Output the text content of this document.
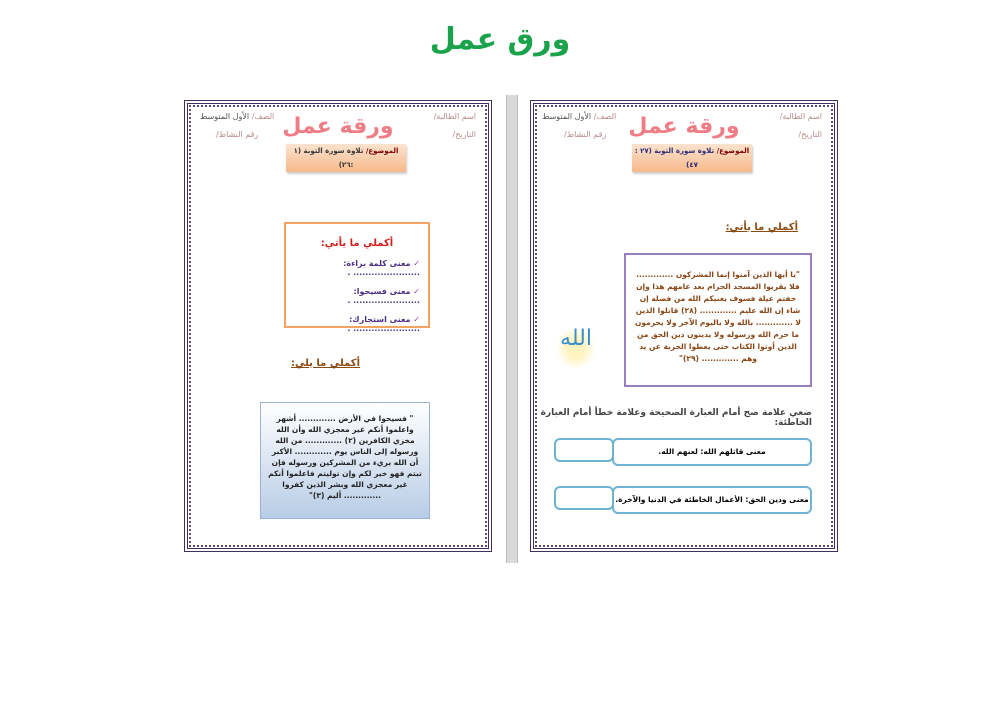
ورق عمل
اسم الطالبة/
الصف/ الأول المتوسط
التاريخ/
رقم النشاط/	ورقة عمل
الموضوع/ تلاوة سورة التوبة (١ :٢٦)
أكملي ما يأتي:
✓ معنى كلمة براءة: ...................... .
✓ معنى فسيحوا: ...................... .
✓ معنى استجارك: ...................... .
أكملي ما يلي:
" فسيحوا في الأرض ............. أشهر واعلموا أنكم غير معجزي الله وأن الله مخزي الكافرين (٢) ............. من الله ورسوله إلى الناس يوم ............. الأكبر أن الله بريء من المشركين ورسوله فإن تبتم فهو خير لكم وإن توليتم فاعلموا أنكم غير معجزي الله وبشر الذين كفروا ............. أليم (٣)"
اسم الطالبة/
الصف/ الأول المتوسط
التاريخ/
رقم النشاط/	ورقة عمل
الموضوع/ تلاوة سورة التوبة (٢٧ : ٤٧)
أكملي ما يأتي:
"يا أيها الذين آمنوا إنما المشركون ............. فلا يقربوا المسجد الحرام بعد عامهم هذا وإن خفتم عيلة فسوف يغنيكم الله من فضله إن شاء إن الله عليم ............. (٢٨) قاتلوا الذين لا ............. بالله ولا باليوم الآخر ولا يحرمون ما حرم الله ورسوله ولا يدينون دين الحق من الذين أوتوا الكتاب حتى يعطوا الجزية عن يد وهم ............. (٢٩)"
الله
ضعي علامة صح أمام العبارة الصحيحة وعلامة خطأ أمام العبارة الخاطئة:
معنى قاتلهم الله: لعنهم الله.
معنى ودين الحق: الأعمال الخاطئة في الدنيا والآخرة.
